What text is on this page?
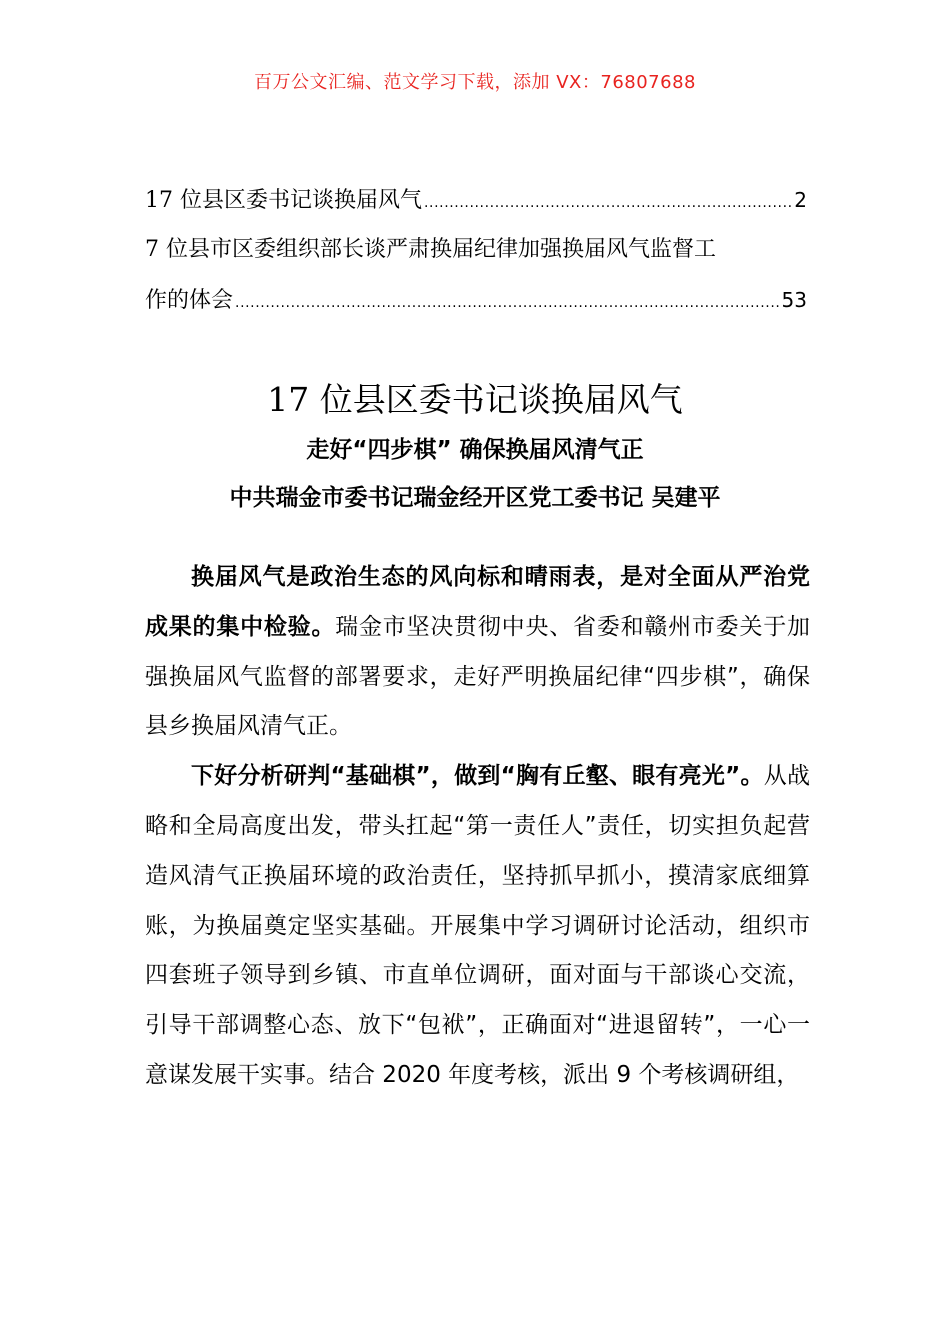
百万公文汇编、范文学习下载，添加 VX：76807688
17 位县区委书记谈换届风气 .....	2
7 位县市区委组织部长谈严肃换届纪律加强换届风气监督工
作的体会 .....	53
17 位县区委书记谈换届风气
走好“四步棋” 确保换届风清气正
中共瑞金市委书记瑞金经开区党工委书记 吴建平

换届风气是政治生态的风向标和晴雨表，是对全面从严治党成果的集中检验。瑞金市坚决贯彻中央、省委和赣州市委关于加强换届风气监督的部署要求，走好严明换届纪律“四步棋”，确保县乡换届风清气正。

下好分析研判“基础棋”，做到“胸有丘壑、眼有亮光”。从战略和全局高度出发，带头扛起“第一责任人”责任，切实担负起营造风清气正换届环境的政治责任，坚持抓早抓小，摸清家底细算账，为换届奠定坚实基础。开展集中学习调研讨论活动，组织市四套班子领导到乡镇、市直单位调研，面对面与干部谈心交流，引导干部调整心态、放下“包袱”，正确面对“进退留转”，一心一意谋发展干实事。结合 2020 年度考核，派出 9 个考核调研组，
